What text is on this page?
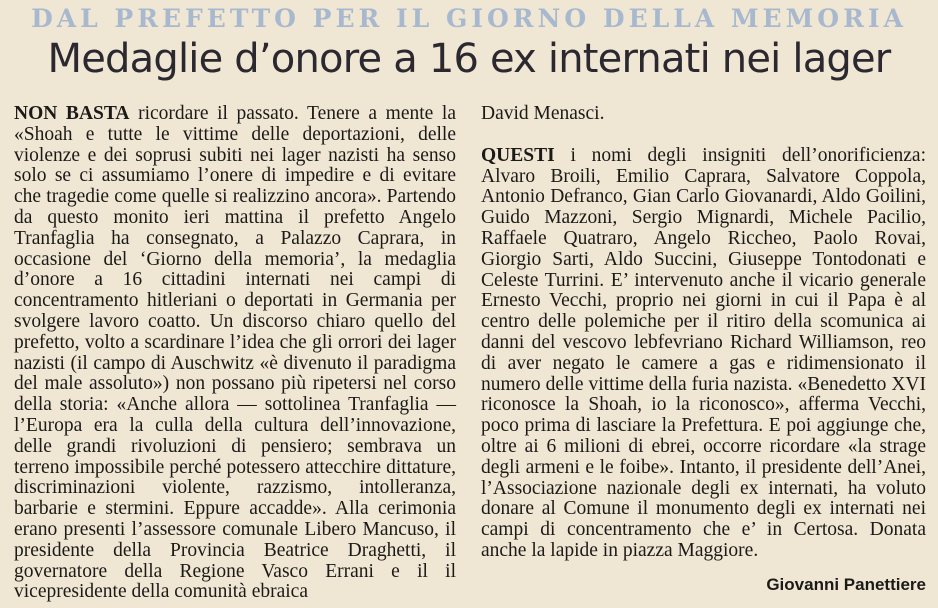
DAL PREFETTO PER IL GIORNO DELLA MEMORIA
Medaglie d’onore a 16 ex internati nei lager
NON BASTA ricordare il passato. Tenere a mente la «Shoah e tutte le vittime delle deportazioni, delle violenze e dei soprusi subiti nei lager nazisti ha senso solo se ci assumiamo l’onere di impedire e di evitare che tragedie come quelle si realizzino ancora». Partendo da questo monito ieri mattina il prefetto Angelo Tranfaglia ha consegnato, a Palazzo Caprara, in occasione del ‘Giorno della memoria’, la medaglia d’onore a 16 cittadini internati nei campi di concentramento hitleriani o deportati in Germania per svolgere lavoro coatto. Un discorso chiaro quello del prefetto, volto a scardinare l’idea che gli orrori dei lager nazisti (il campo di Auschwitz «è divenuto il paradigma del male assoluto») non possano più ripetersi nel corso della storia: «Anche allora — sottolinea Tranfaglia — l’Europa era la culla della cultura dell’innovazione, delle grandi rivoluzioni di pensiero; sembrava un terreno impossibile perché potessero attecchire dittature, discriminazioni violente, razzismo, intolleranza, barbarie e stermini. Eppure accadde». Alla cerimonia erano presenti l’assessore comunale Libero Mancuso, il presidente della Provincia Beatrice Draghetti, il governatore della Regione Vasco Errani e il il vicepresidente della comunità ebraica
David Menasci.
QUESTI i nomi degli insigniti dell’onorificienza: Alvaro Broili, Emilio Caprara, Salvatore Coppola, Antonio Defranco, Gian Carlo Giovanardi, Aldo Goilini, Guido Mazzoni, Sergio Mignardi, Michele Pacilio, Raffaele Quatraro, Angelo Riccheo, Paolo Rovai, Giorgio Sarti, Aldo Succini, Giuseppe Tontodonati e Celeste Turrini. E’ intervenuto anche il vicario generale Ernesto Vecchi, proprio nei giorni in cui il Papa è al centro delle polemiche per il ritiro della scomunica ai danni del vescovo lebfevriano Richard Williamson, reo di aver negato le camere a gas e ridimensionato il numero delle vittime della furia nazista. «Benedetto XVI riconosce la Shoah, io la riconosco», afferma Vecchi, poco prima di lasciare la Prefettura. E poi aggiunge che, oltre ai 6 milioni di ebrei, occorre ricordare «la strage degli armeni e le foibe». Intanto, il presidente dell’Anei, l’Associazione nazionale degli ex internati, ha voluto donare al Comune il monumento degli ex internati nei campi di concentramento che e’ in Certosa. Donata anche la lapide in piazza Maggiore.
Giovanni Panettiere
